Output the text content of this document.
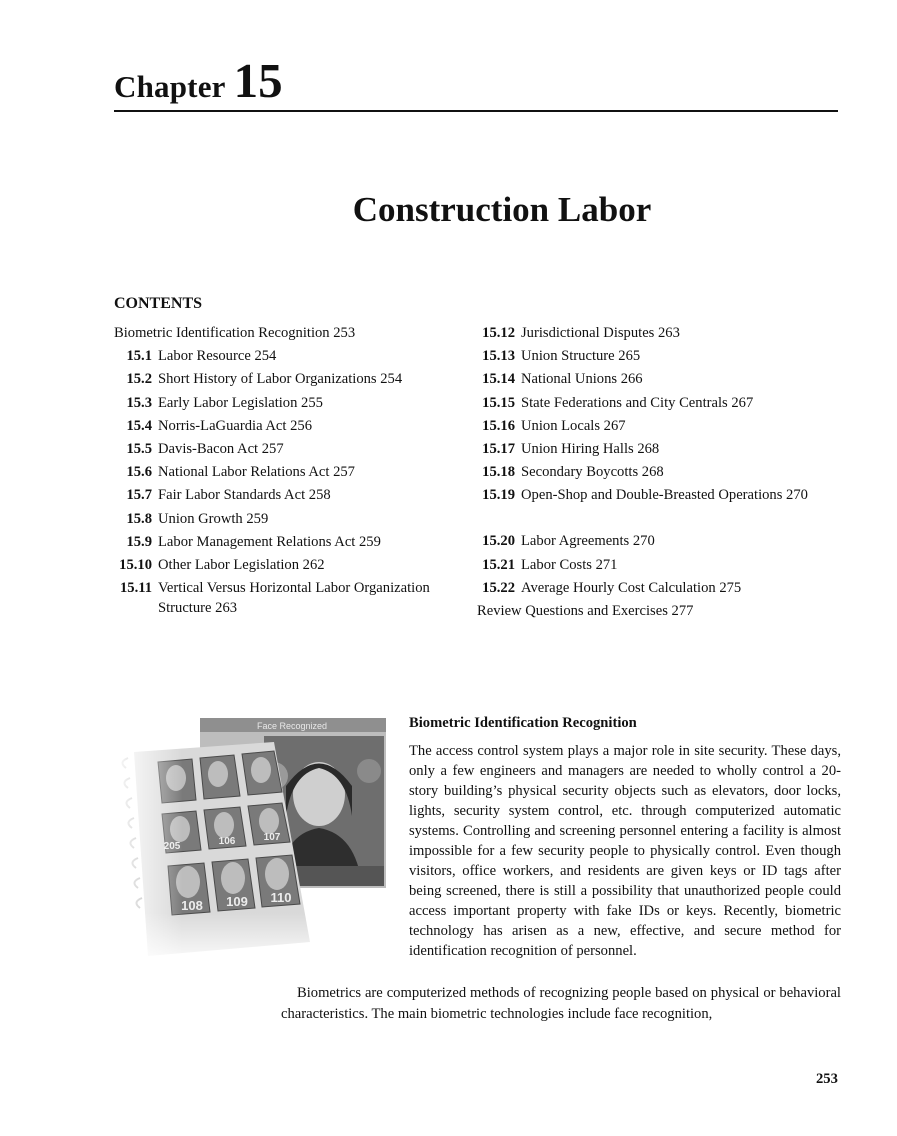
Chapter 15
Construction Labor
CONTENTS
Biometric Identification Recognition 253
15.1 Labor Resource 254
15.2 Short History of Labor Organizations 254
15.3 Early Labor Legislation 255
15.4 Norris-LaGuardia Act 256
15.5 Davis-Bacon Act 257
15.6 National Labor Relations Act 257
15.7 Fair Labor Standards Act 258
15.8 Union Growth 259
15.9 Labor Management Relations Act 259
15.10 Other Labor Legislation 262
15.11 Vertical Versus Horizontal Labor Organization Structure 263
15.12 Jurisdictional Disputes 263
15.13 Union Structure 265
15.14 National Unions 266
15.15 State Federations and City Centrals 267
15.16 Union Locals 267
15.17 Union Hiring Halls 268
15.18 Secondary Boycotts 268
15.19 Open-Shop and Double-Breasted Operations 270
15.20 Labor Agreements 270
15.21 Labor Costs 271
15.22 Average Hourly Cost Calculation 275
Review Questions and Exercises 277
Biometric Identification Recognition

The access control system plays a major role in site security. These days, only a few engineers and managers are needed to wholly control a 20-story building’s physical security objects such as elevators, door locks, lights, security system control, etc. through computerized automatic systems. Controlling and screening personnel entering a facility is almost impossible for a few security people to physically control. Even though visitors, office workers, and residents are given keys or ID tags after being screened, there is still a possibility that unauthorized people could access important property with fake IDs or keys. Recently, biometric technology has arisen as a new, effective, and secure method for identification recognition of personnel.

Biometrics are computerized methods of recognizing people based on physical or behavioral characteristics. The main biometric technologies include face recognition,

253
